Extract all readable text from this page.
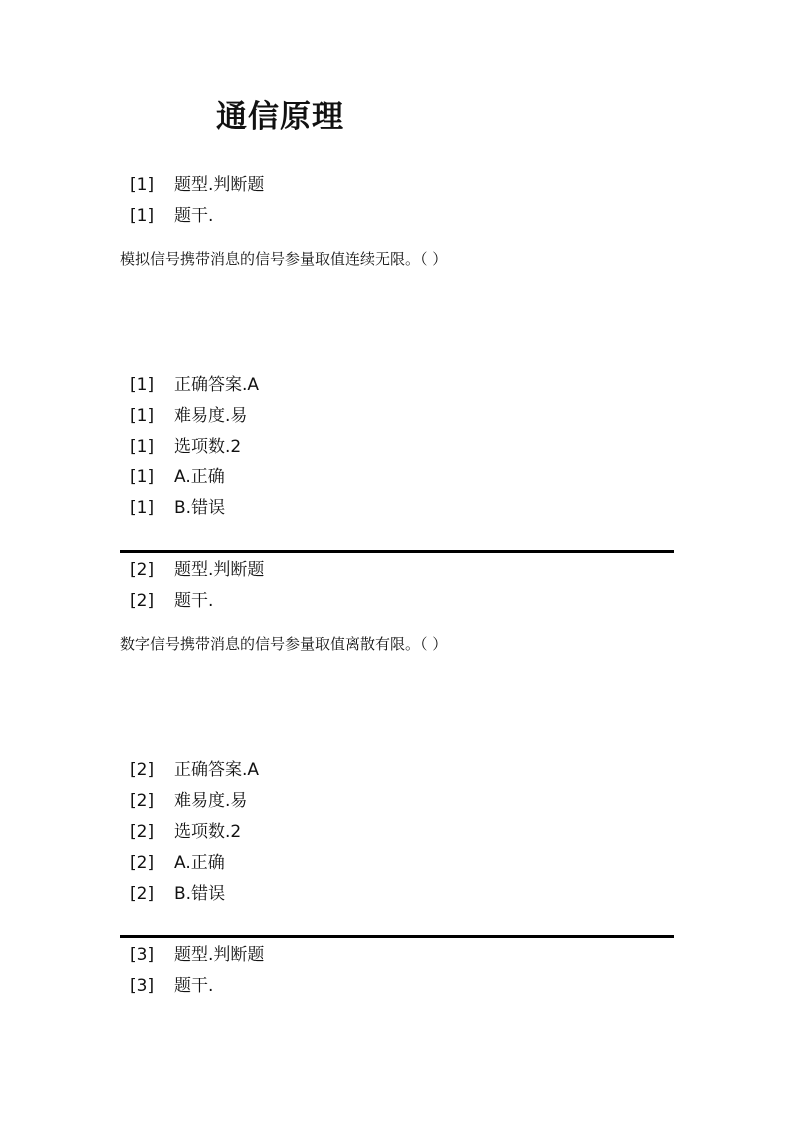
通信原理
[1] 题型.判断题
[1] 题干.
模拟信号携带消息的信号参量取值连续无限。（ ）
[1] 正确答案.A
[1] 难易度.易
[1] 选项数.2
[1] A.正确
[1] B.错误
[2] 题型.判断题
[2] 题干.
数字信号携带消息的信号参量取值离散有限。（ ）
[2] 正确答案.A
[2] 难易度.易
[2] 选项数.2
[2] A.正确
[2] B.错误
[3] 题型.判断题
[3] 题干.
